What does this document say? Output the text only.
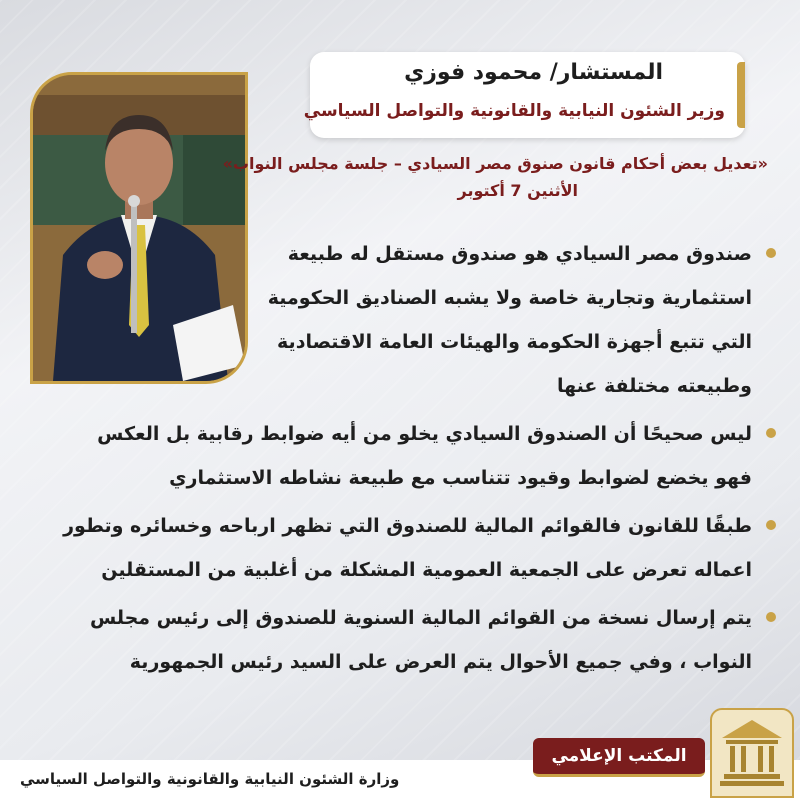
المستشار/ محمود فوزي
وزير الشئون النيابية والقانونية والتواصل السياسي
«تعديل بعض أحكام قانون صنوق مصر السيادي – جلسة مجلس النواب»
الأثنين 7 أكتوبر
صندوق مصر السيادي هو صندوق مستقل له طبيعة
استثمارية وتجارية خاصة ولا يشبه الصناديق الحكومية
التي تتبع أجهزة الحكومة والهيئات العامة الاقتصادية
وطبيعته مختلفة عنها
ليس صحيحًا أن الصندوق السيادي يخلو من أيه ضوابط رقابية بل العكس
فهو يخضع لضوابط وقيود تتناسب مع طبيعة نشاطه الاستثماري
طبقًا للقانون فالقوائم المالية للصندوق التي تظهر ارباحه وخسائره وتطور
اعماله تعرض على الجمعية العمومية المشكلة من أغلبية من المستقلين
يتم إرسال نسخة من القوائم المالية السنوية للصندوق إلى رئيس مجلس
النواب ، وفي جميع الأحوال يتم العرض على السيد رئيس الجمهورية
وزارة الشئون النيابية والقانونية والتواصل السياسي
المكتب الإعلامي
